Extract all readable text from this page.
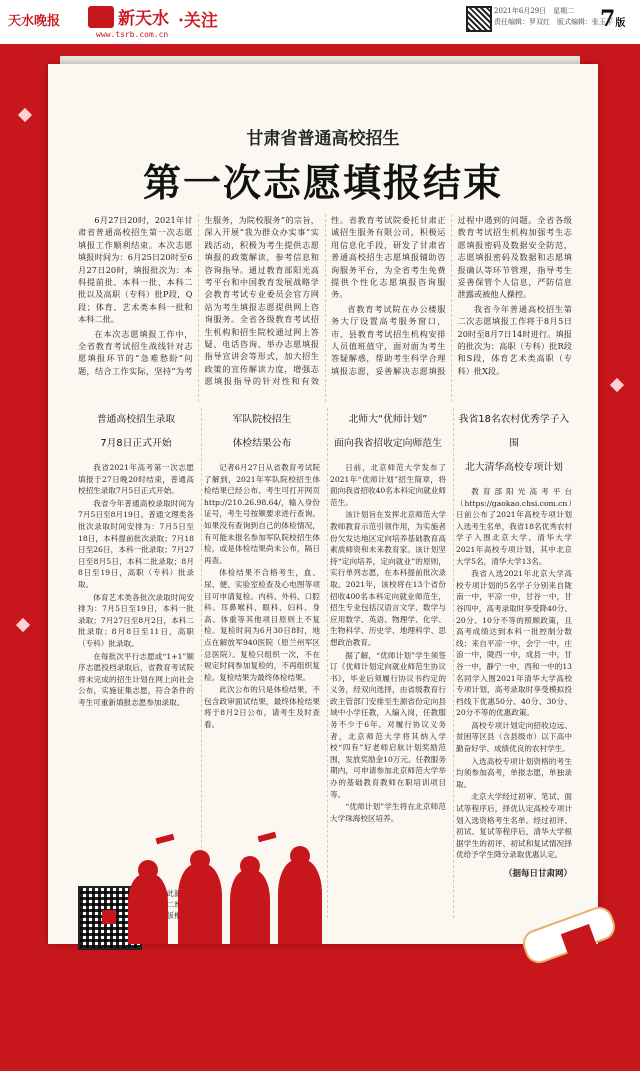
天水晚报	新天水 ·关注
www.tsrb.com.cn
2021年6月29日　星期二
责任编辑：罗双红　版式编辑：张玉平
7版
甘肃省普通高校招生
第一次志愿填报结束

6月27日20时，2021年甘肃省普通高校招生第一次志愿填报工作顺利结束。本次志愿填报时间为：6月25日20时至6月27日20时，填报批次为：本科提前批、本科一批、本科二批以及高职（专科）批P段，Q段；体育、艺术类本科一批和本科二批。

在本次志愿填报工作中，全省教育考试招生战线针对志愿填报环节的“急难愁盼”问题，结合工作实际，坚持“为考生服务，为院校服务”的宗旨，深入开展“我为群众办实事”实践活动，积极为考生提供志愿填报的政策解读，参考信息和咨询指导。通过教育部阳光高考平台和中国教育发展战略学会教育考试专业委员会官方网站为考生填报志愿提供网上咨询服务。全省各级教育考试招生机构和招生院校通过网上答疑、电话咨询、举办志愿填报指导宣讲会等形式，加大招生政策的宣传解读力度，增强志愿填报指导的针对性和有效性。省教育考试院委托甘肃正诚招生服务有限公司，积极运用信息化手段，研发了甘肃省普通高校招生志愿填报辅助咨询服务平台，为全省考生免费提供个性化志愿填报咨询服务。

省教育考试院在办公楼服务大厅设置高考服务窗口，市、县教育考试招生机构安排人员值班值守，面对面为考生答疑解惑，帮助考生科学合理填报志愿，妥善解决志愿填报过程中遇到的问题。全省各级教育考试招生机构加强考生志愿填报密码及数据安全防范，志愿填报密码及数据和志愿填报确认等环节管理，指导考生妥善保管个人信息，严防信息泄露或被他人操控。

我省今年普通高校招生第二次志愿填报工作将于8月5日20时至8月7日14时进行。填报的批次为：高职（专科）批R段和S段，体育艺术类高职（专科）批X段。

普通高校招生录取
7月8日正式开始

我省2021年高考第一次志愿填报于27日晚20时结束，普通高校招生录取7月5日正式开始。

我省今年普通高校录取时间为7月5日至8月19日。普通文理类各批次录取时间安排为：7月5日至18日，本科提前批次录取；7月18日至26日，本科一批录取；7月27日至8月5日，本科二批录取；8月8日至19日，高职（专科）批录取。

体育艺术类各批次录取时间安排为：7月5日至19日，本科一批录取；7月27日至8月2日，本科二批录取；8月8日至11日，高职（专科）批录取。

在每批次平行志愿或“1+1”顺序志愿投档录取后，省教育考试院将未完成的招生计划在网上向社会公布，实施征集志愿，符合条件的考生可重新填报志愿参加录取。

军队院校招生
体检结果公布

记者6月27日从省教育考试院了解到，2021年军队院校招生体检结果已经公布。考生可打开网页http://210.26.98.64/，输入身份证号，考生号按顺要求进行查询。如果没有查询到自己的体检情况，有可能未报名参加军队院校招生体检，或是体检结果尚未公布，隔日再查。

体检结果不合格考生，血、尿、便、实验室检查及心电图等项目可申请复检。内科、外科、口腔科、耳鼻喉科、眼科、妇科、身高、体重等其他项目原则上不复检。复检时间为6月30日8时，地点在解放军940医院（原兰州军区总医院）。复检只组织一次，不在规定时间参加复检的，不再组织复检。复检结果为最终体检结果。

此次公布的只是体检结果，不包含政审面试结果，最终体检结果将于8月2日公布，请考生及时查看。

北师大“优师计划”
面向我省招收定向师范生

日前，北京师范大学发布了2021年“优师计划”招生简章，将面向我省招收40名本科定向就业师范生。

该计划旨在发挥北京师范大学教师教育示范引领作用，为实施者份欠发达地区定向培养基础教育高素质师资和未来教育家。该计划坚持“定向培养，定向就业”的原则，实行单列志愿，在本科提前批次录取。2021年，该校将在13个省份招收400名本科定向就业师范生，招生专业包括汉语言文学、数学与应用数学、英语、物理学、化学、生物科学、历史学、地理科学、思想政治教育。

据了解，“优师计划”学生须签订《优师计划定向就业师范生协议书》，毕业后须履行协议书约定的义务，经双向选择，由省级教育行政主管部门安排至生源省份定向县域中小学任教，入编入岗，任教服务不少于6年。对履行协议义务者，北京师范大学将其纳入学校“四有”好老师启航计划奖励范围，发放奖励金10万元。任教服务期内，可申请参加北京师范大学举办的基础教育教师在职培训项目等。

“优师计划”学生将在北京师范大学珠海校区培养。

我省18名农村优秀学子入围
北大清华高校专项计划

教育部阳光高考平台（https://gaokao.chsi.com.cn）日前公布了2021年高校专项计划入选考生名单，我省18名优秀农村学子入围北京大学、清华大学2021年高校专项计划，其中北京大学5名，清华大学13名。

我省入选2021年北京大学高校专项计划的5名学子分别来自陇南一中，平凉一中，甘谷一中，甘谷四中，高考录取时享受降40分、20分、10分不等的照顾政策，且高考成绩达到本科一批控制分数线；来自平凉一中，会宁一中，庄浪一中，陇西一中，成县一中，甘谷一中，静宁一中，西和一中的13名同学入围2021年清华大学高校专项计划，高考录取时享受模拟投档线下优惠50分、40分、30分、20分不等的优惠政策。

高校专项计划定向招收边远、贫困等区县（含县级市）以下高中勤奋好学、成绩优良的农村学生。

入选高校专项计划资格的考生均须参加高考，单报志愿，单独录取。

北京大学经过初审、笔试、面试等程序后，择优认定高校专项计划入选资格考生名单。经过初评、初试、复试等程序后，清华大学根据学生的初评、初试和复试情况择优给予学生降分录取优惠认定。

（据每日甘肃网）
